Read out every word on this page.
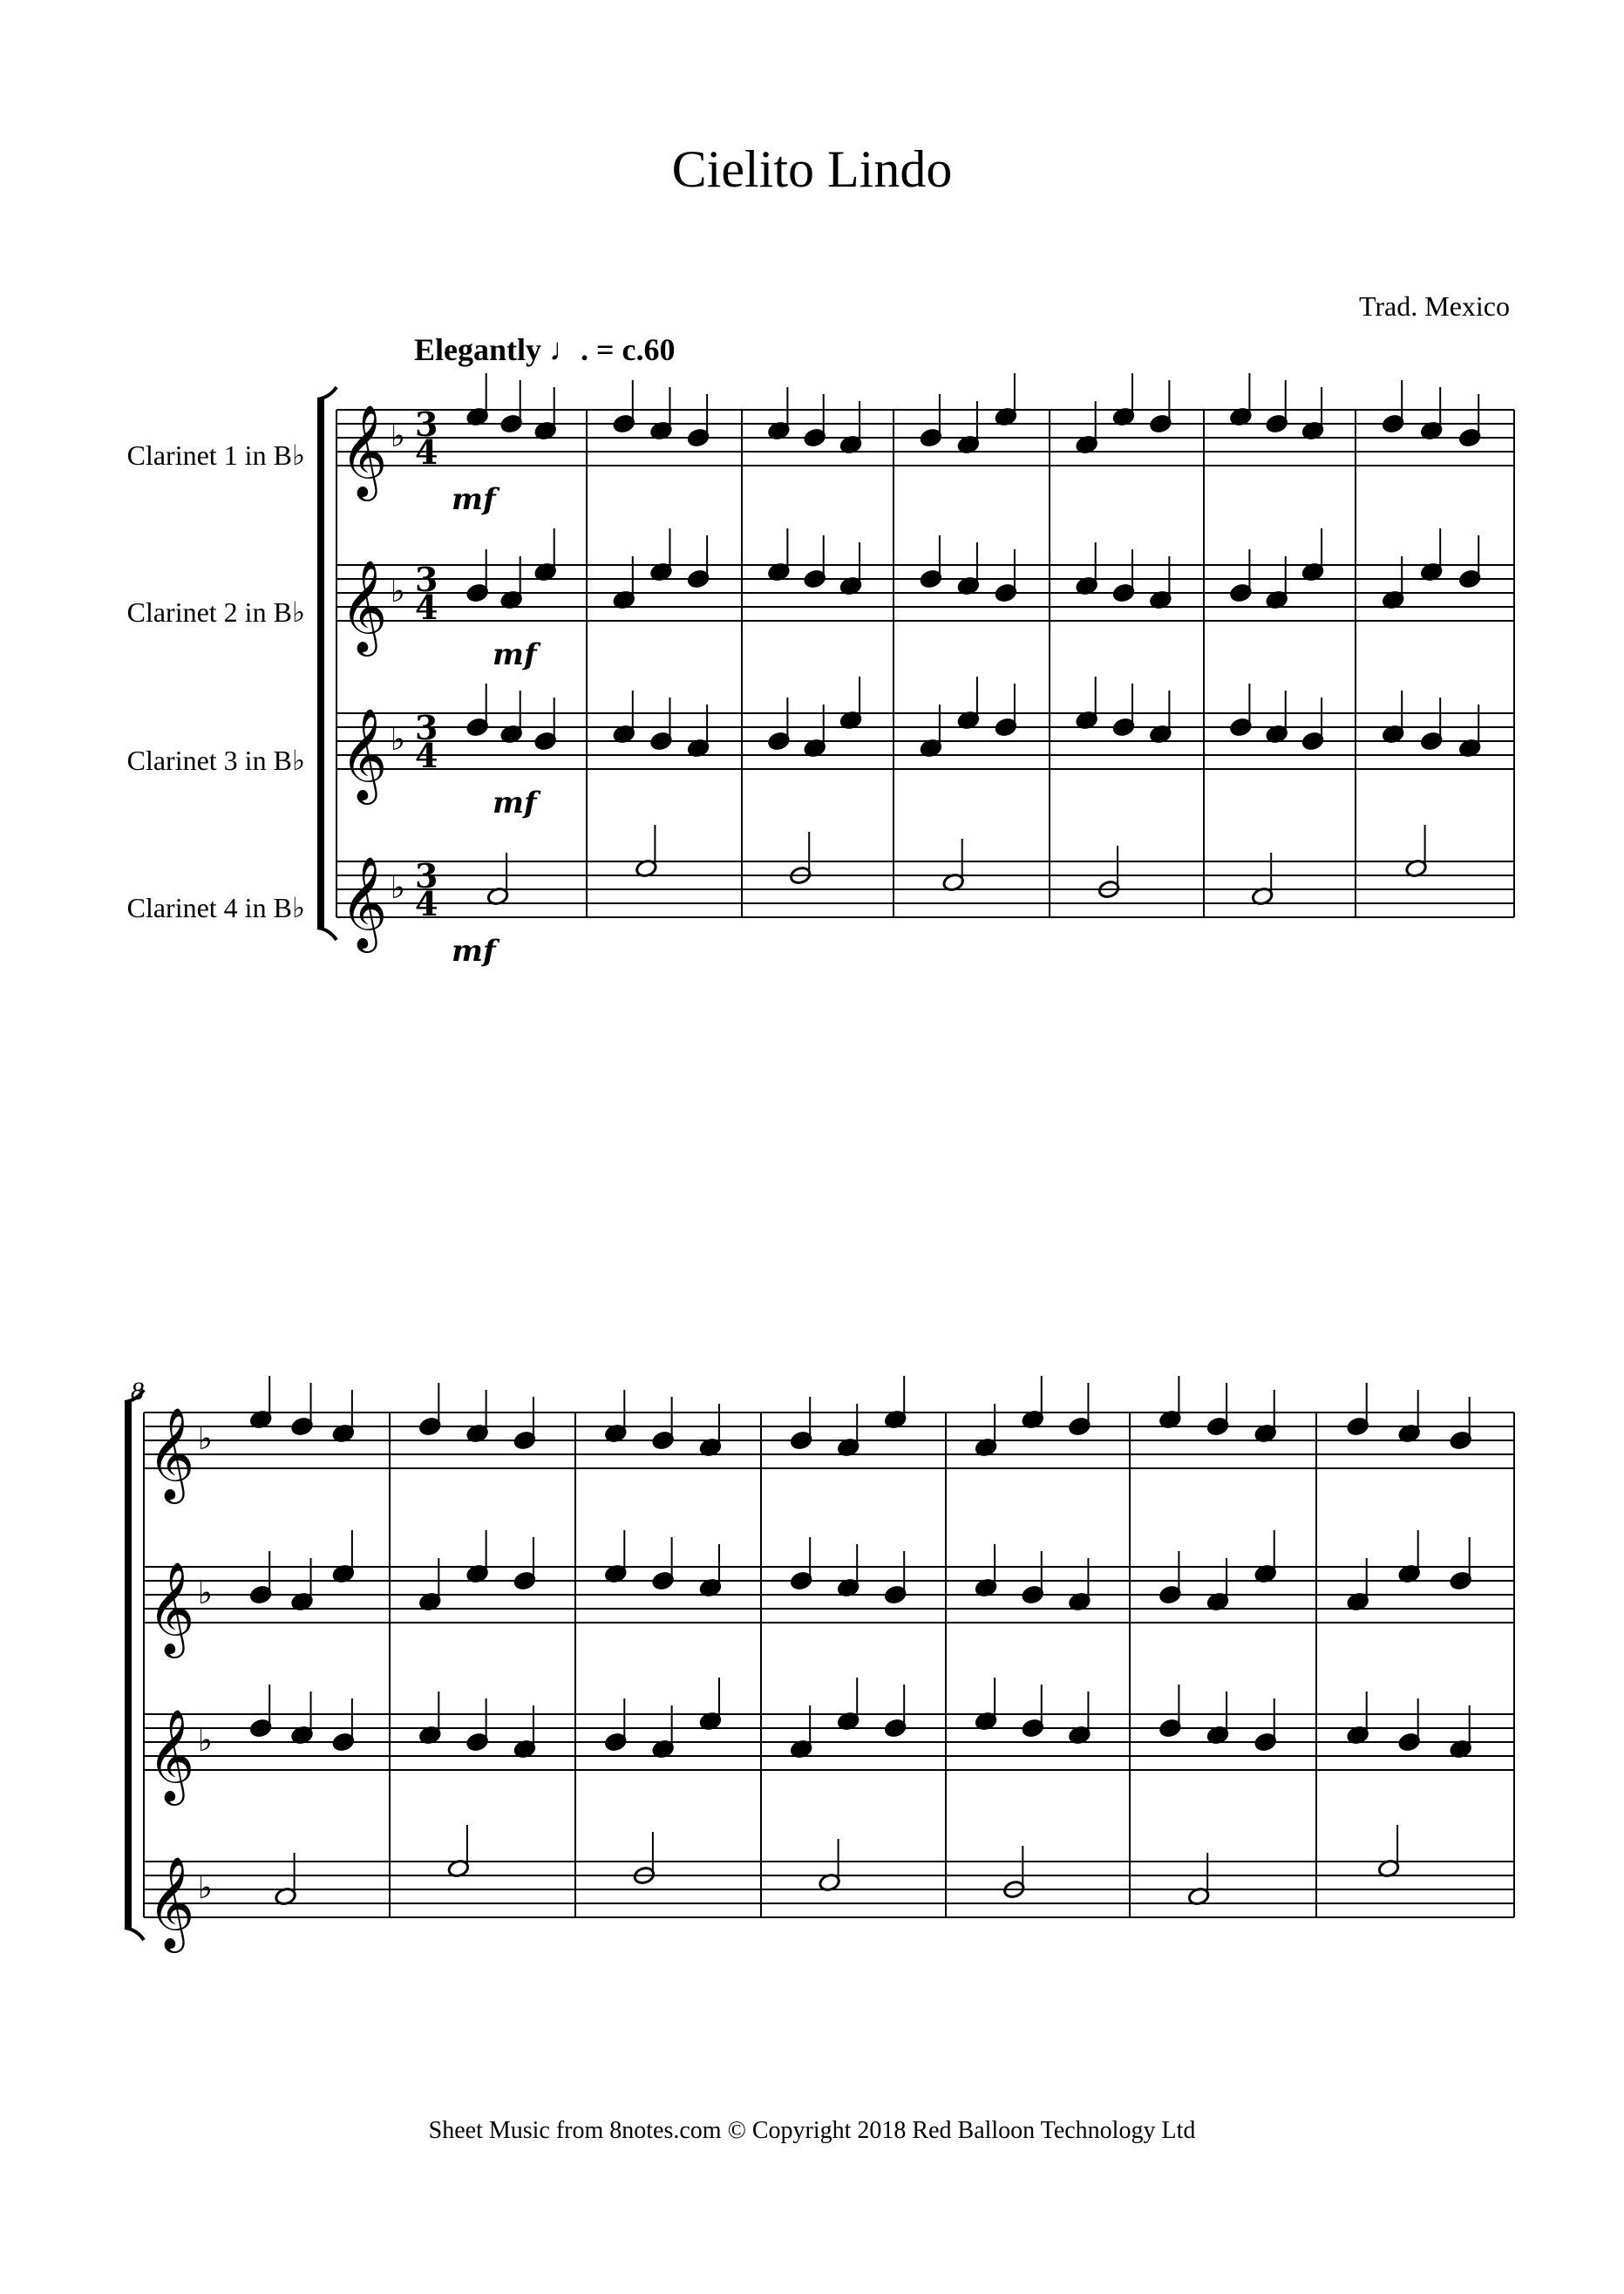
Cielito Lindo
Trad. Mexico
Elegantly ♩. = c.60
Clarinet 1 in B♭
Clarinet 2 in B♭
Clarinet 3 in B♭
Clarinet 4 in B♭
𝄞 ♭ 3
4
mf
𝄞 ♭ 3
4
mf
𝄞 ♭ 3
4
mf
𝄞 ♭ 3
4
mf
𝄞 ♭
𝄞 ♭
𝄞 ♭
𝄞 ♭
8
Sheet Music from 8notes.com © Copyright 2018 Red Balloon Technology Ltd
